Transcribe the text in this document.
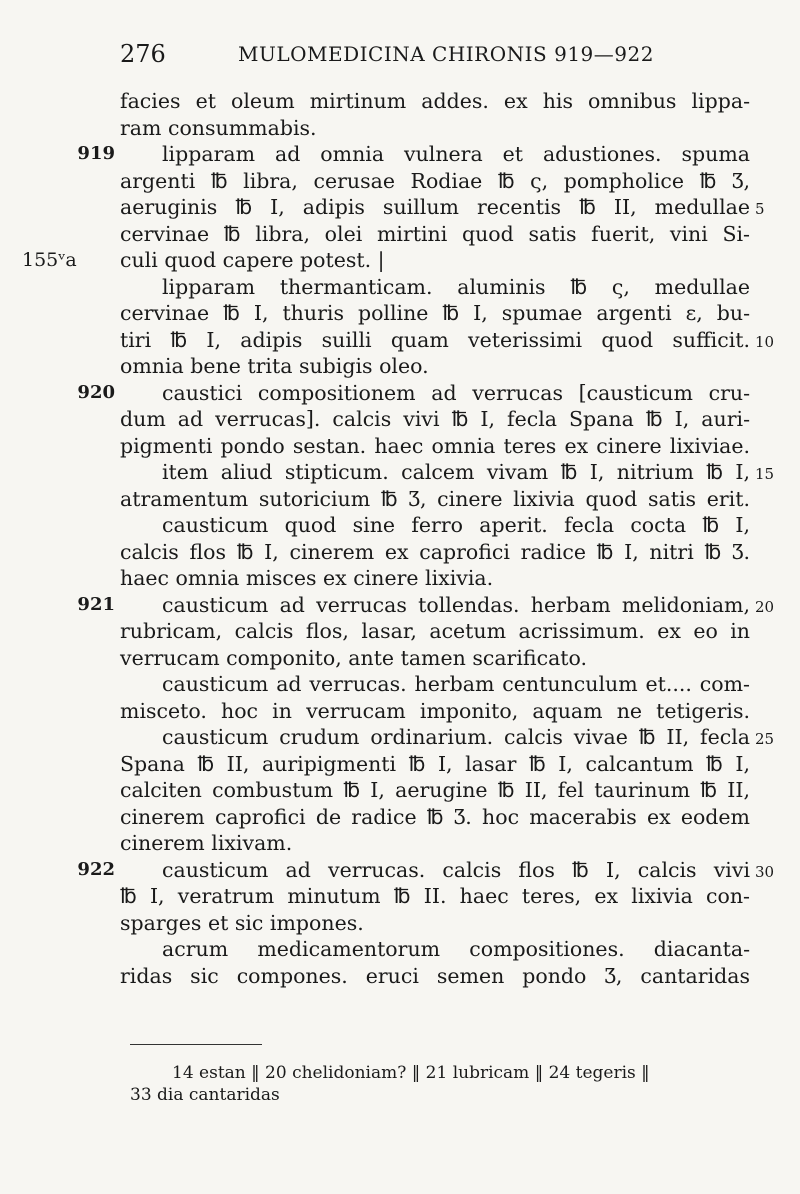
276	MULOMEDICINA CHIRONIS 919—922
facies et oleum mirtinum addes. ex his omnibus lippa-
ram consummabis.
lipparam ad omnia vulnera et adustiones. spuma
919
argenti ℔ libra, cerusae Rodiae ℔ ς, pompholice ℔ Ʒ,
aeruginis ℔ I, adipis suillum recentis ℔ II, medullae 5
cervinae ℔ libra, olei mirtini quod satis fuerit, vini Si-
culi quod capere potest. |
155ᵛa
lipparam thermanticam. aluminis ℔ ς, medullae
cervinae ℔ I, thuris polline ℔ I, spumae argenti ε, bu-
tiri ℔ I, adipis suilli quam veterissimi quod sufficit. 10
omnia bene trita subigis oleo.
caustici compositionem ad verrucas [causticum cru-
920
dum ad verrucas]. calcis vivi ℔ I, fecla Spana ℔ I, auri-
pigmenti pondo sestan. haec omnia teres ex cinere lixiviae.
item aliud stipticum. calcem vivam ℔ I, nitrium ℔ I, 15
atramentum sutoricium ℔ Ʒ, cinere lixivia quod satis erit.
causticum quod sine ferro aperit. fecla cocta ℔ I,
calcis flos ℔ I, cinerem ex caprofici radice ℔ I, nitri ℔ Ʒ.
haec omnia misces ex cinere lixivia.
causticum ad verrucas tollendas. herbam melidoniam,
921	20
rubricam, calcis flos, lasar, acetum acrissimum. ex eo in
verrucam componito, ante tamen scarificato.
causticum ad verrucas. herbam centunculum et.... com-
misceto. hoc in verrucam imponito, aquam ne tetigeris.
causticum crudum ordinarium. calcis vivae ℔ II, fecla 25
Spana ℔ II, auripigmenti ℔ I, lasar ℔ I, calcantum ℔ I,
calciten combustum ℔ I, aerugine ℔ II, fel taurinum ℔ II,
cinerem caprofici de radice ℔ Ʒ. hoc macerabis ex eodem
cinerem lixivam.
causticum ad verrucas. calcis flos ℔ I, calcis vivi
922	30
℔ I, veratrum minutum ℔ II. haec teres, ex lixivia con-
sparges et sic impones.
acrum medicamentorum compositiones. diacanta-
ridas sic compones. eruci semen pondo Ʒ, cantaridas
14 estan ‖ 20 chelidoniam? ‖ 21 lubricam ‖ 24 tegeris ‖
33 dia cantaridas
